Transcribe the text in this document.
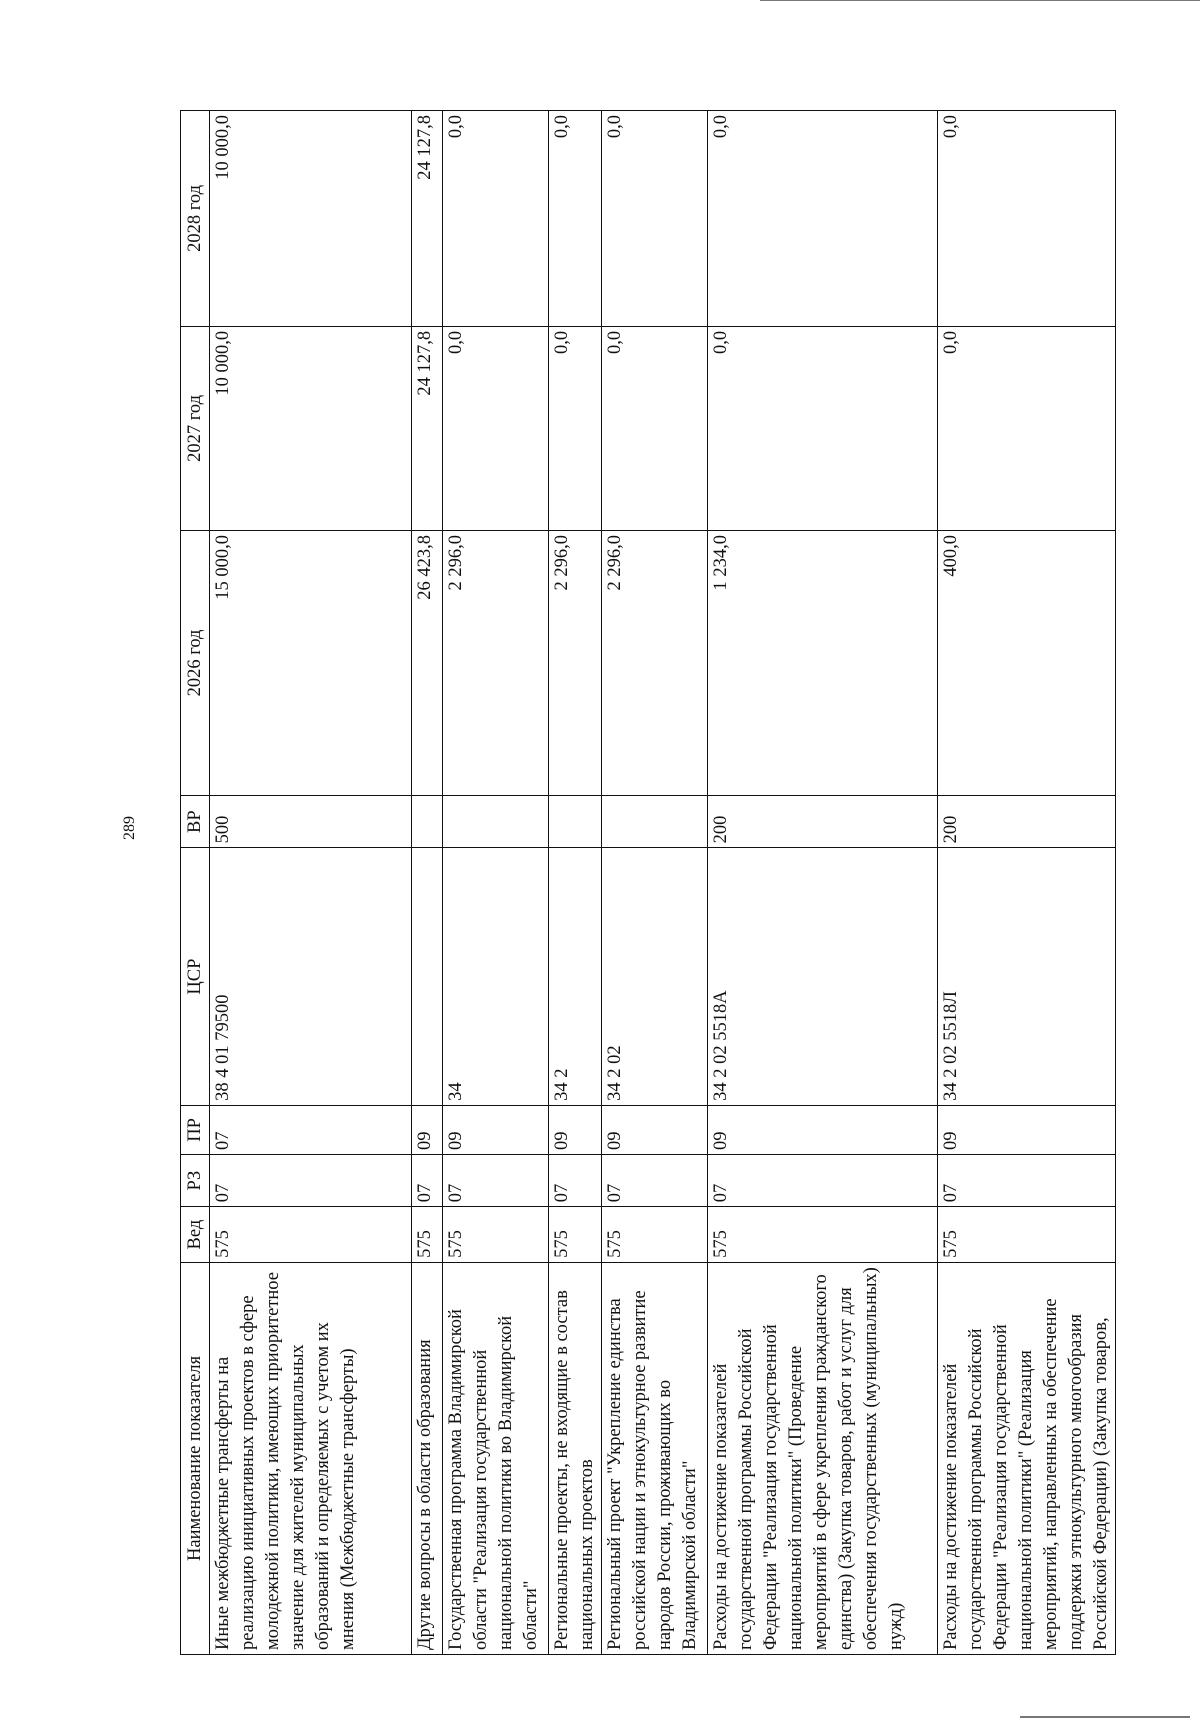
289
Наименование показателя	Вед	РЗ	ПР	ЦСР	ВР	2026 год	2027 год	2028 год
Иные межбюджетные трансферты на реализацию инициативных проектов в сфере молодежной политики, имеющих приоритетное значение для жителей муниципальных образований и определяемых с учетом их мнения (Межбюджетные трансферты)	575	07	07	38 4 01 79500	500	15 000,0	10 000,0	10 000,0
Другие вопросы в области образования	575	07	09			26 423,8	24 127,8	24 127,8
Государственная программа Владимирской области "Реализация государственной национальной политики во Владимирской области"	575	07	09	34		2 296,0	0,0	0,0
Региональные проекты, не входящие в состав национальных проектов	575	07	09	34 2		2 296,0	0,0	0,0
Региональный проект "Укрепление единства российской нации и этнокультурное развитие народов России, проживающих во Владимирской области"	575	07	09	34 2 02		2 296,0	0,0	0,0
Расходы на достижение показателей государственной программы Российской Федерации "Реализация государственной национальной политики" (Проведение мероприятий в сфере укрепления гражданского единства) (Закупка товаров, работ и услуг для обеспечения государственных (муниципальных) нужд)	575	07	09	34 2 02 5518А	200	1 234,0	0,0	0,0
Расходы на достижение показателей государственной программы Российской Федерации "Реализация государственной национальной политики" (Реализация мероприятий, направленных на обеспечение поддержки этнокультурного многообразия Российской Федерации) (Закупка товаров,	575	07	09	34 2 02 5518Л	200	400,0	0,0	0,0
